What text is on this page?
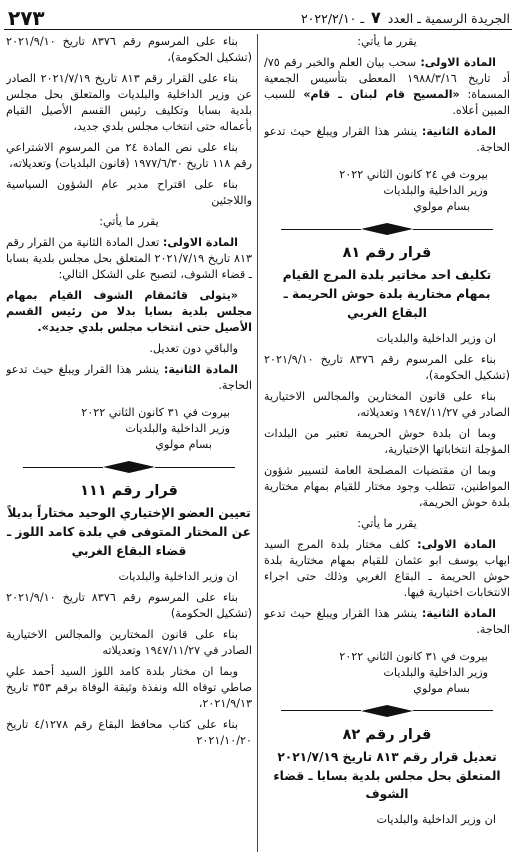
الجريدة الرسمية ـ العدد ٧ ـ ٢٠٢٢/٢/١٠
٢٧٣

يقرر ما يأتي:

المادة الاولى: سحب بيان العلم والخبر رقم ٧٥/أد تاريخ ١٩٨٨/٣/١٦ المعطى بتأسيس الجمعية المسماة: «المسيح قام لبنان ـ قام» للسبب المبين أعلاه.

المادة الثانية: ينشر هذا القرار ويبلغ حيث تدعو الحاجة.

بيروت في ٢٤ كانون الثاني ٢٠٢٢

وزير الداخلية والبلديات

بسام مولوي

قرار رقم ٨١
تكليف احد مخاتير بلدة المرج القيام بمهام مختارية بلدة حوش الحريمة ـ البقاع الغربي

ان وزير الداخلية والبلديات

بناء على المرسوم رقم ٨٣٧٦ تاريخ ٢٠٢١/٩/١٠ (تشكيل الحكومة)،

بناء على قانون المختارين والمجالس الاختيارية الصادر في ١٩٤٧/١١/٢٧ وتعديلاته،

وبما ان بلدة حوش الحريمة تعتبر من البلدات المؤجلة انتخاباتها الإختيارية،

وبما ان مقتضيات المصلحة العامة لتسيير شؤون المواطنين، تتطلب وجود مختار للقيام بمهام مختارية بلدة حوش الحريمة،

يقرر ما يأتي:

المادة الاولى: كلف مختار بلدة المرج السيد ايهاب يوسف ابو عثمان للقيام بمهام مختارية بلدة حوش الحريمة ـ البقاع الغربي وذلك حتى اجراء الانتخابات اختيارية فيها.

المادة الثانية: ينشر هذا القرار ويبلغ حيث تدعو الحاجة.

بيروت في ٣١ كانون الثاني ٢٠٢٢

وزير الداخلية والبلديات

بسام مولوي

قرار رقم ٨٢
تعديل قرار رقم ٨١٣ تاريخ ٢٠٢١/٧/١٩ المتعلق بحل مجلس بلدية بسابا ـ قضاء الشوف

ان وزير الداخلية والبلديات

بناء على المرسوم رقم ٨٣٧٦ تاريخ ٢٠٢١/٩/١٠ (تشكيل الحكومة)،

بناء على القرار رقم ٨١٣ تاريخ ٢٠٢١/٧/١٩ الصادر عن وزير الداخلية والبلديات والمتعلق بحل مجلس بلدية بسابا وتكليف رئيس القسم الأصيل القيام بأعماله حتى انتخاب مجلس بلدي جديد،

بناء على نص المادة ٢٤ من المرسوم الاشتراعي رقم ١١٨ تاريخ ١٩٧٧/٦/٣٠ (قانون البلديات) وتعديلاته،

بناء على اقتراح مدير عام الشؤون السياسية واللاجئين

يقرر ما يأتي:

المادة الاولى: تعدل المادة الثانية من القرار رقم ٨١٣ تاريخ ٢٠٢١/٧/١٩ المتعلق بحل مجلس بلدية بسابا ـ قضاء الشوف، لتصبح على الشكل التالي:

«يتولى قائمقام الشوف القيام بمهام مجلس بلدية بسابا بدلا من رئيس القسم الأصيل حتى انتخاب مجلس بلدي جديد».

والباقي دون تعديل.

المادة الثانية: ينشر هذا القرار ويبلغ حيث تدعو الحاجة.

بيروت في ٣١ كانون الثاني ٢٠٢٢

وزير الداخلية والبلديات

بسام مولوي

قرار رقم ١١١
تعيين العضو الإختياري الوحيد مختاراً بديلاً عن المختار المتوفى في بلدة كامد اللوز ـ قضاء البقاع الغربي

ان وزير الداخلية والبلديات

بناء على المرسوم رقم ٨٣٧٦ تاريخ ٢٠٢١/٩/١٠ (تشكيل الحكومة)

بناء على قانون المختارين والمجالس الاختيارية الصادر في ١٩٤٧/١١/٢٧ وتعديلاته

وبما ان مختار بلدة كامد اللوز السيد أحمد علي صاطي توفاه الله ونفذة وثيقة الوفاة برقم ٣٥٣ تاريخ ٢٠٢١/٩/١٣،

بناء على كتاب محافظ البقاع رقم ٤/١٢٧٨ تاريخ ٢٠٢١/١٠/٢٠
